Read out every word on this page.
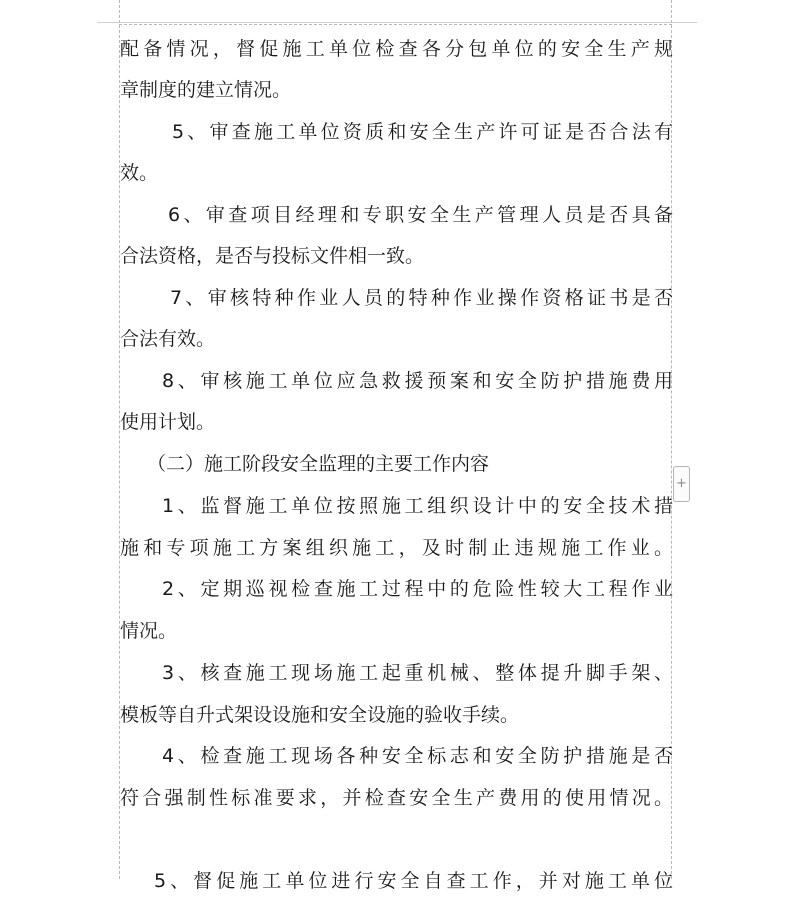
配备情况，督促施工单位检查各分包单位的安全生产规
章制度的建立情况。
5、审查施工单位资质和安全生产许可证是否合法有
效。
6、审查项目经理和专职安全生产管理人员是否具备
合法资格，是否与投标文件相一致。
7、审核特种作业人员的特种作业操作资格证书是否
合法有效。
8、审核施工单位应急救援预案和安全防护措施费用
使用计划。
（二）施工阶段安全监理的主要工作内容
1、监督施工单位按照施工组织设计中的安全技术措
施和专项施工方案组织施工，及时制止违规施工作业。
2、定期巡视检查施工过程中的危险性较大工程作业
情况。
3、核查施工现场施工起重机械、整体提升脚手架、
模板等自升式架设设施和安全设施的验收手续。
4、检查施工现场各种安全标志和安全防护措施是否
符合强制性标准要求，并检查安全生产费用的使用情况。
5、督促施工单位进行安全自查工作，并对施工单位
+
